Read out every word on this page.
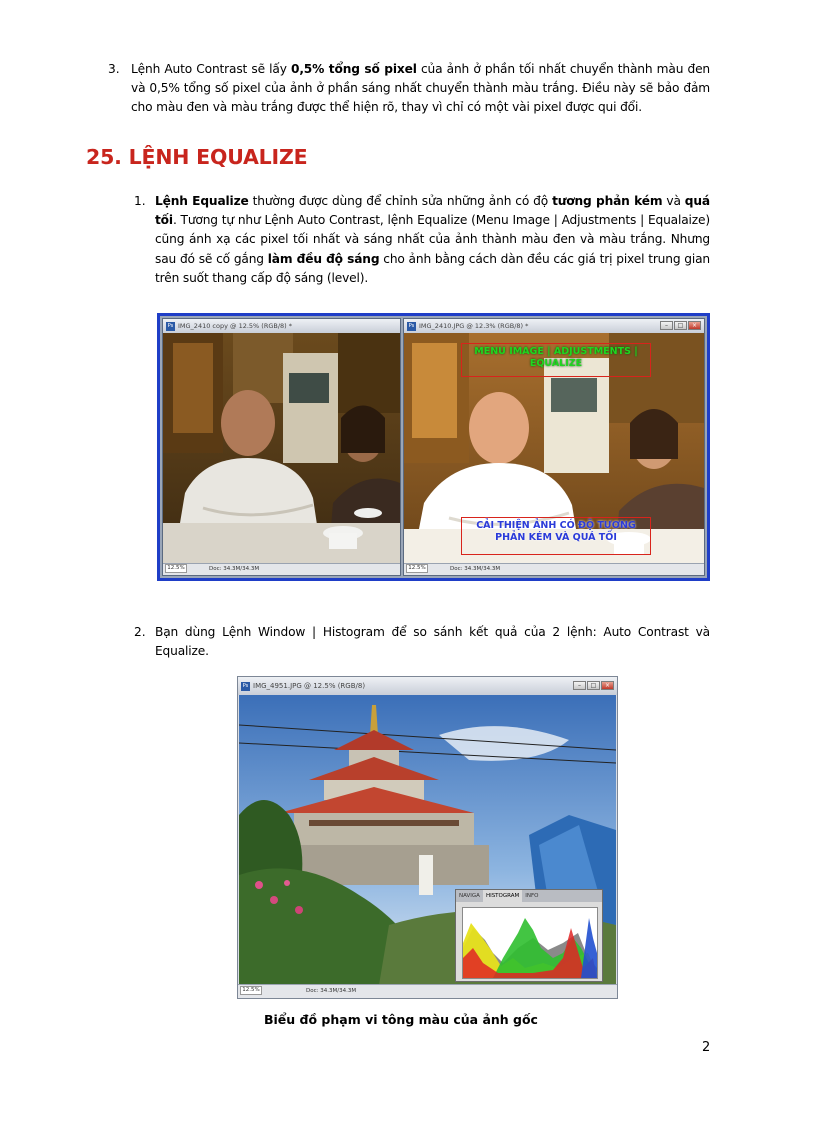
3. Lệnh Auto Contrast sẽ lấy 0,5% tổng số pixel của ảnh ở phần tối nhất chuyển thành màu đen và 0,5% tổng số pixel của ảnh ở phần sáng nhất chuyển thành màu trắng. Điều này sẽ bảo đảm cho màu đen và màu trắng được thể hiện rõ, thay vì chỉ có một vài pixel được qui đổi.
25. LỆNH EQUALIZE
1. Lệnh Equalize thường được dùng để chỉnh sửa những ảnh có độ tương phản kém và quá tối. Tương tự như Lệnh Auto Contrast, lệnh Equalize (Menu Image | Adjustments | Equalaize) cũng ánh xạ các pixel tối nhất và sáng nhất của ảnh thành màu đen và màu trắng. Nhưng sau đó sẽ cố gắng làm đều độ sáng cho ảnh bằng cách dàn đều các giá trị pixel trung gian trên suốt thang cấp độ sáng (level).
Ps IMG_2410 copy @ 12.5% (RGB/8) *
12.5%	Doc: 34.3M/34.3M
Ps IMG_2410.JPG @ 12.3% (RGB/8) *	–	□	×
MENU IMAGE | ADJUSTMENTS | EQUALIZE
CẢI THIỆN ẢNH CÓ ĐỘ TƯƠNG PHẢN KÉM VÀ QUÁ TỐI
12.5%	Doc: 34.3M/34.3M
2. Bạn dùng Lệnh Window | Histogram để so sánh kết quả của 2 lệnh: Auto Contrast và Equalize.
Ps IMG_4951.JPG @ 12.5% (RGB/8)	–	□	×
NAVIGA HISTOGRAM INFO
12.5%	Doc: 34.3M/34.3M
Biểu đồ phạm vi tông màu của ảnh gốc
2
